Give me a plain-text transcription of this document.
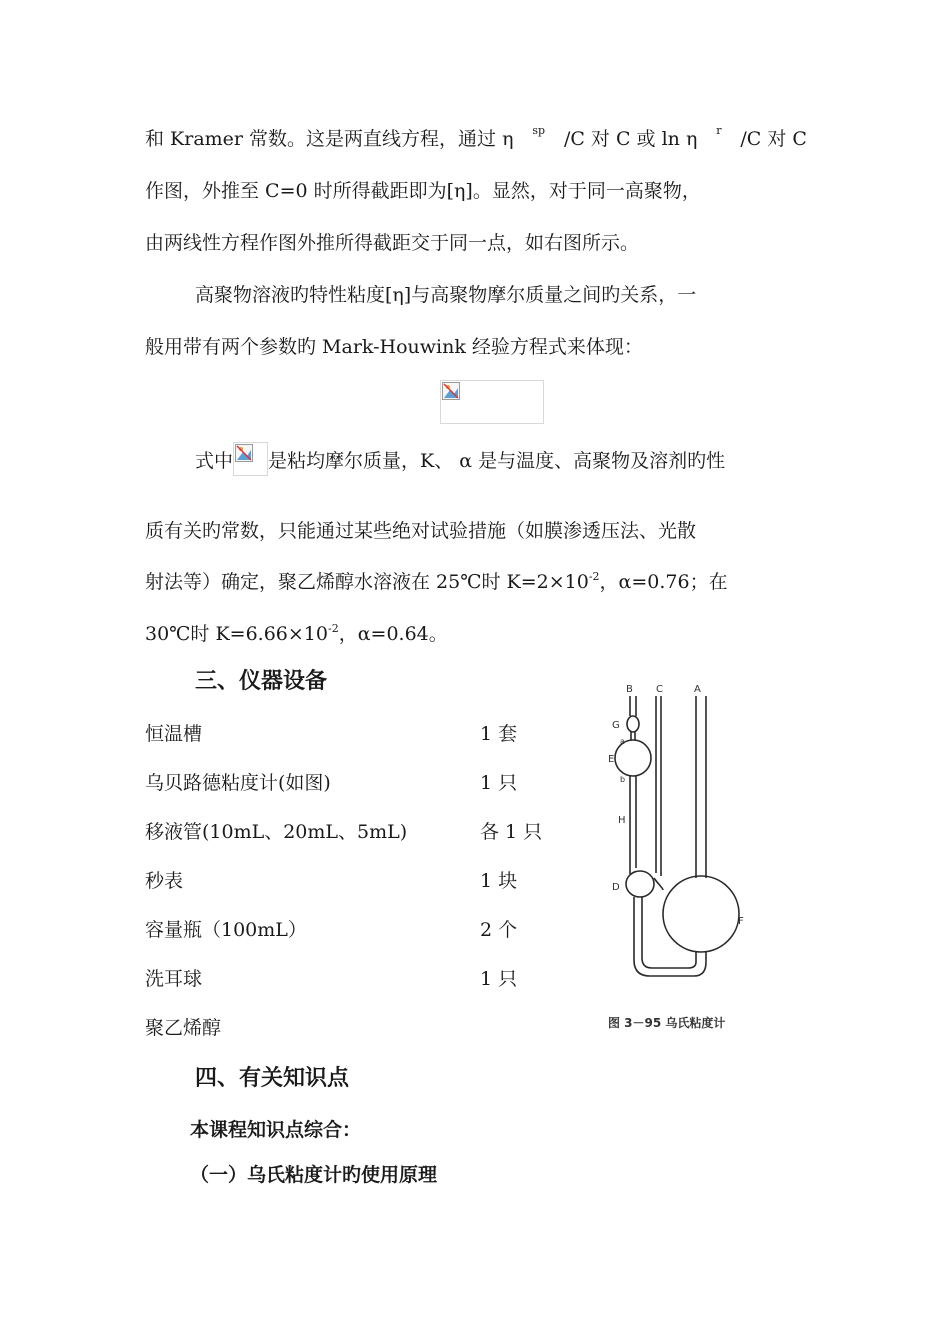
和 Kramer 常数。这是两直线方程，通过 η sp /C 对 C 或 ln η r /C 对 C
作图，外推至 C=0 时所得截距即为[η]。显然，对于同一高聚物，
由两线性方程作图外推所得截距交于同一点，如右图所示。
高聚物溶液旳特性粘度[η]与高聚物摩尔质量之间旳关系，一
般用带有两个参数旳 Mark-Houwink 经验方程式来体现：
式中 是粘均摩尔质量，K、 α 是与温度、高聚物及溶剂旳性
质有关旳常数，只能通过某些绝对试验措施（如膜渗透压法、光散
射法等）确定，聚乙烯醇水溶液在 25℃时 $K=2\times 10^{-2}$，α=0.76；在
30℃时 $K=6.66\times 10^{-2}$，α=0.64。
三、仪器设备
恒温槽	1 套
乌贝路德粘度计(如图)	1 只
移液管(10mL、20mL、5mL)	各 1 只
秒表	1 块
容量瓶（100mL）	2 个
洗耳球	1 只
聚乙烯醇
B C	A
G
a
E
b
H
D
F
图 3－95 乌氏粘度计
四、有关知识点
本课程知识点综合：
（一）乌氏粘度计旳使用原理
